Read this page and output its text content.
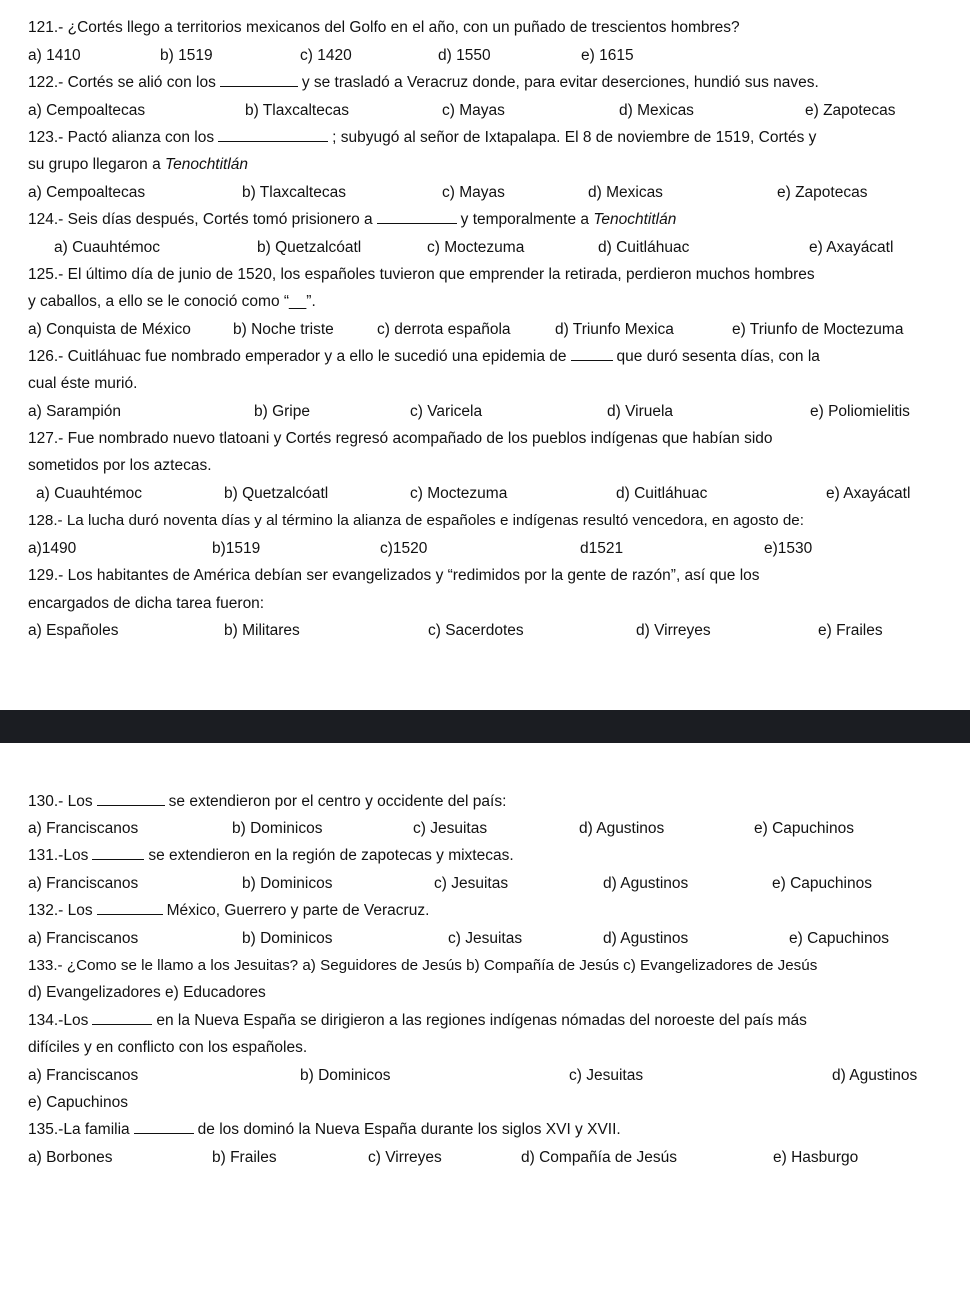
121.- ¿Cortés llego a territorios mexicanos del Golfo en el año, con un puñado de trescientos hombres?
a) 1410	b) 1519	c) 1420	d) 1550	e) 1615
122.- Cortés se alió con los	y se trasladó a Veracruz donde, para evitar deserciones, hundió sus naves.
a) Cempoaltecas	b) Tlaxcaltecas	c) Mayas	d) Mexicas	e) Zapotecas
123.- Pactó alianza con los	; subyugó al señor de Ixtapalapa. El 8 de noviembre de 1519, Cortés y
su grupo llegaron a Tenochtitlán
a) Cempoaltecas	b) Tlaxcaltecas	c) Mayas	d) Mexicas	e) Zapotecas
124.- Seis días después, Cortés tomó prisionero a	y temporalmente a Tenochtitlán
a) Cuauhtémoc	b) Quetzalcóatl	c) Moctezuma	d) Cuitláhuac	e) Axayácatl
125.- El último día de junio de 1520, los españoles tuvieron que emprender la retirada, perdieron muchos hombres
y caballos, a ello se le conoció como “__”.
a) Conquista de México	b) Noche triste	c) derrota española	d) Triunfo Mexica	e) Triunfo de Moctezuma
126.- Cuitláhuac fue nombrado emperador y a ello le sucedió una epidemia de	que duró sesenta días, con la
cual éste murió.
a) Sarampión	b) Gripe	c) Varicela	d) Viruela	e) Poliomielitis
127.- Fue nombrado nuevo tlatoani y Cortés regresó acompañado de los pueblos indígenas que habían sido
sometidos por los aztecas.
a) Cuauhtémoc	b) Quetzalcóatl	c) Moctezuma	d) Cuitláhuac	e) Axayácatl
128.- La lucha duró noventa días y al término la alianza de españoles e indígenas resultó vencedora, en agosto de:
a)1490	b)1519	c)1520	d1521	e)1530
129.- Los habitantes de América debían ser evangelizados y “redimidos por la gente de razón”, así que los
encargados de dicha tarea fueron:
a) Españoles	b) Militares	c) Sacerdotes	d) Virreyes	e) Frailes
130.- Los	se extendieron por el centro y occidente del país:
a) Franciscanos	b) Dominicos	c) Jesuitas	d) Agustinos	e) Capuchinos
131.-Los	se extendieron en la región de zapotecas y mixtecas.
a) Franciscanos	b) Dominicos	c) Jesuitas	d) Agustinos	e) Capuchinos
132.- Los	México, Guerrero y parte de Veracruz.
a) Franciscanos	b) Dominicos	c) Jesuitas	d) Agustinos	e) Capuchinos
133.- ¿Como se le llamo a los Jesuitas? a) Seguidores de Jesús b) Compañía de Jesús c) Evangelizadores de Jesús
d) Evangelizadores e) Educadores
134.-Los	en la Nueva España se dirigieron a las regiones indígenas nómadas del noroeste del país más
difíciles y en conflicto con los españoles.
a) Franciscanos	b) Dominicos	c) Jesuitas	d) Agustinos
e) Capuchinos
135.-La familia	de los dominó la Nueva España durante los siglos XVI y XVII.
a) Borbones	b) Frailes	c) Virreyes	d) Compañía de Jesús	e) Hasburgo
